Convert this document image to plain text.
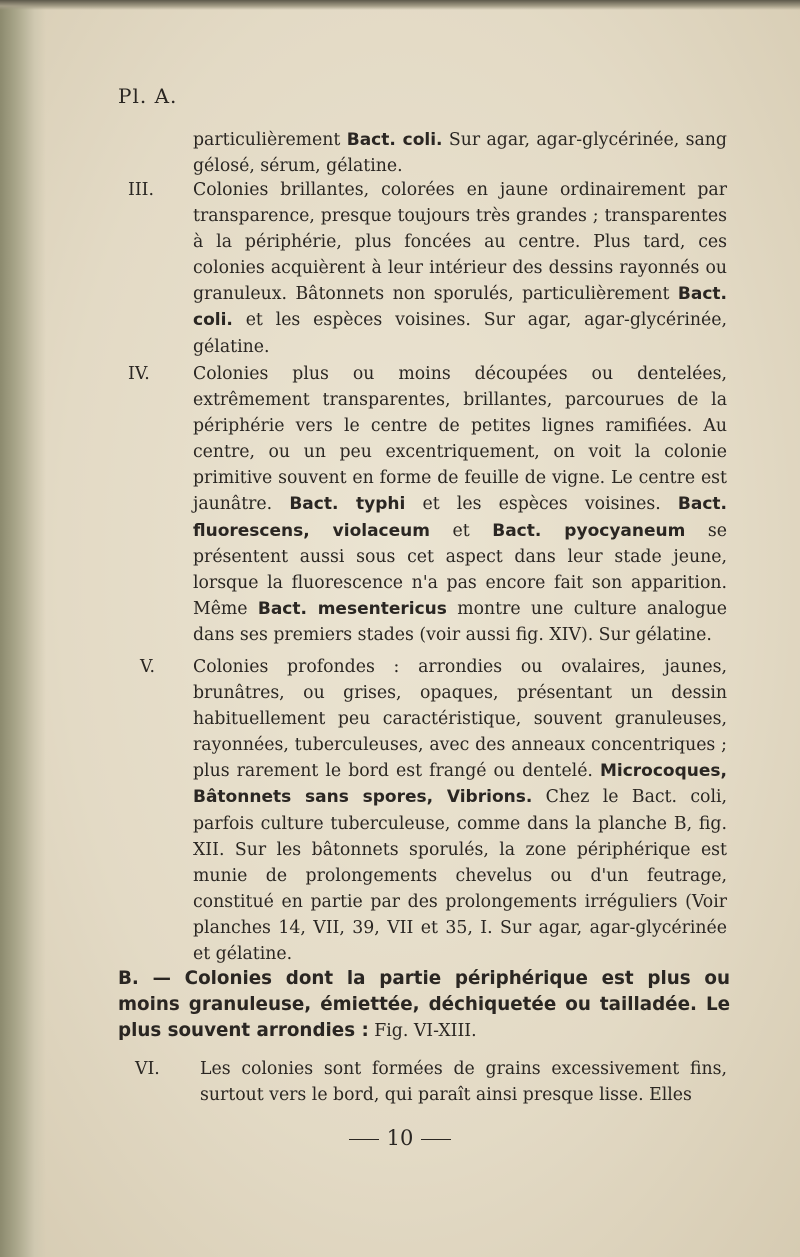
Pl. A.
particulièrement Bact. coli. Sur agar, agar-glycérinée, sang gélosé, sérum, gélatine.
III. Colonies brillantes, colorées en jaune ordinairement par transparence, presque toujours très grandes ; transparentes à la périphérie, plus foncées au centre. Plus tard, ces colonies acquièrent à leur intérieur des dessins rayonnés ou granuleux. Bâtonnets non sporulés, particulièrement Bact. coli. et les espèces voisines. Sur agar, agar-glycérinée, gélatine.
IV. Colonies plus ou moins découpées ou dentelées, extrêmement transparentes, brillantes, parcourues de la périphérie vers le centre de petites lignes ramifiées. Au centre, ou un peu excentriquement, on voit la colonie primitive souvent en forme de feuille de vigne. Le centre est jaunâtre. Bact. typhi et les espèces voisines. Bact. fluorescens, violaceum et Bact. pyocyaneum se présentent aussi sous cet aspect dans leur stade jeune, lorsque la fluorescence n'a pas encore fait son apparition. Même Bact. mesentericus montre une culture analogue dans ses premiers stades (voir aussi fig. XIV). Sur gélatine.
V. Colonies profondes : arrondies ou ovalaires, jaunes, brunâtres, ou grises, opaques, présentant un dessin habituellement peu caractéristique, souvent granuleuses, rayonnées, tuberculeuses, avec des anneaux concentriques ; plus rarement le bord est frangé ou dentelé. Microcoques, Bâtonnets sans spores, Vibrions. Chez le Bact. coli, parfois culture tuberculeuse, comme dans la planche B, fig. XII. Sur les bâtonnets sporulés, la zone périphérique est munie de prolongements chevelus ou d'un feutrage, constitué en partie par des prolongements irréguliers (Voir planches 14, VII, 39, VII et 35, I. Sur agar, agar-glycérinée et gélatine.
B. — Colonies dont la partie périphérique est plus ou moins granuleuse, émiettée, déchiquetée ou tailladée. Le plus souvent arrondies : Fig. VI-XIII.
VI. Les colonies sont formées de grains excessivement fins, surtout vers le bord, qui paraît ainsi presque lisse. Elles
10
